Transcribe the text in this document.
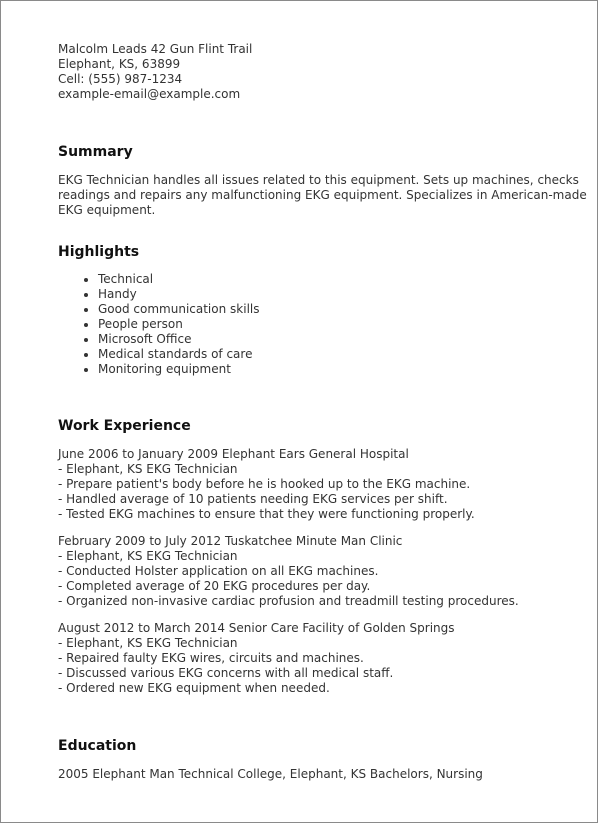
Malcolm Leads 42 Gun Flint Trail
Elephant, KS, 63899
Cell: (555) 987-1234
example-email@example.com
Summary

EKG Technician handles all issues related to this equipment. Sets up machines, checks readings and repairs any malfunctioning EKG equipment. Specializes in American-made EKG equipment.

Highlights
• Technical
• Handy
• Good communication skills
• People person
• Microsoft Office
• Medical standards of care
• Monitoring equipment
Work Experience
June 2006 to January 2009 Elephant Ears General Hospital
- Elephant, KS EKG Technician
- Prepare patient's body before he is hooked up to the EKG machine.
- Handled average of 10 patients needing EKG services per shift.
- Tested EKG machines to ensure that they were functioning properly.
February 2009 to July 2012 Tuskatchee Minute Man Clinic
- Elephant, KS EKG Technician
- Conducted Holster application on all EKG machines.
- Completed average of 20 EKG procedures per day.
- Organized non-invasive cardiac profusion and treadmill testing procedures.
August 2012 to March 2014 Senior Care Facility of Golden Springs
- Elephant, KS EKG Technician
- Repaired faulty EKG wires, circuits and machines.
- Discussed various EKG concerns with all medical staff.
- Ordered new EKG equipment when needed.
Education

2005 Elephant Man Technical College, Elephant, KS Bachelors, Nursing
